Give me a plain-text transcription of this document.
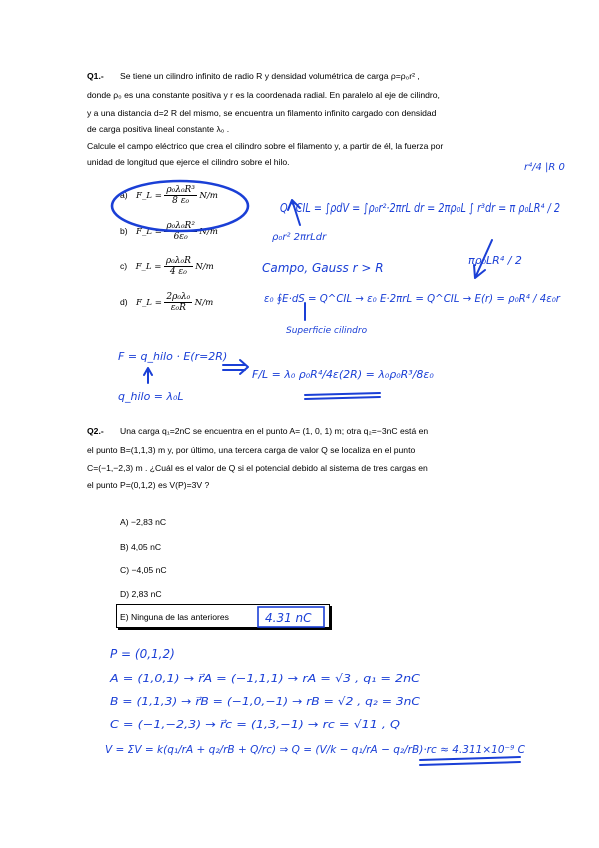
Q1.- Se tiene un cilindro infinito de radio R y densidad volumétrica de carga ρ=ρ₀r² ,
donde ρ₀ es una constante positiva y r es la coordenada radial. En paralelo al eje de cilindro,
y a una distancia d=2 R del mismo, se encuentra un filamento infinito cargado con densidad
de carga positiva lineal constante λ₀ .
Calcule el campo eléctrico que crea el cilindro sobre el filamento y, a partir de él, la fuerza por
unidad de longitud que ejerce el cilindro sobre el hilo.
a) F_L = $\frac{\text{ρ₀λ₀R³}}{\text{8 ε₀}} N/m$
b) F_L = $\frac{\text{ρ₀λ₀R²}}{\text{6ε₀}} N/m$
c) F_L = $\frac{\text{ρ₀λ₀R}}{\text{4 ε₀}} N/m$
d) F_L = $\frac{\text{2ρ₀λ₀}}{\text{ε₀R}} N/m$
Q2.- Una carga q₁=2nC se encuentra en el punto A= (1, 0, 1) m; otra q₂=−3nC está en
el punto B=(1,1,3) m y, por último, una tercera carga de valor Q se localiza en el punto
C=(−1,−2,3) m . ¿Cuál es el valor de Q si el potencial debido al sistema de tres cargas en
el punto P=(0,1,2) es V(P)=3V ?
A) −2,83 nC
B) 4,05 nC
C) −4,05 nC
D) 2,83 nC
E) Ninguna de las anteriores
Q^CIL = ∫ρdV = ∫ρ₀r²·2πrL dr = 2πρ₀L ∫ r³dr = π ρ₀LR⁴ / 2
r⁴/4 |R 0
ρ₀r² 2πrLdr
πρ₀LR⁴ / 2
Campo, Gauss r > R
ε₀ ∮E·dS = Q^CIL → ε₀ E·2πrL = Q^CIL → E(r) = ρ₀R⁴ / 4ε₀r
Superficie cilindro
F = q_hilo · E(r=2R)
F/L = λ₀ ρ₀R⁴/4ε(2R) = λ₀ρ₀R³/8ε₀
q_hilo = λ₀L
4.31 nC
P = (0,1,2)
A = (1,0,1) → r⃗A = (−1,1,1) → rA = √3 , q₁ = 2nC
B = (1,1,3) → r⃗B = (−1,0,−1) → rB = √2 , q₂ = 3nC
C = (−1,−2,3) → r⃗c = (1,3,−1) → rc = √11 , Q
V = ΣV = k(q₁/rA + q₂/rB + Q/rc) ⇒ Q = (V/k − q₁/rA − q₂/rB)·rc ≈ 4.311×10⁻⁹ C
